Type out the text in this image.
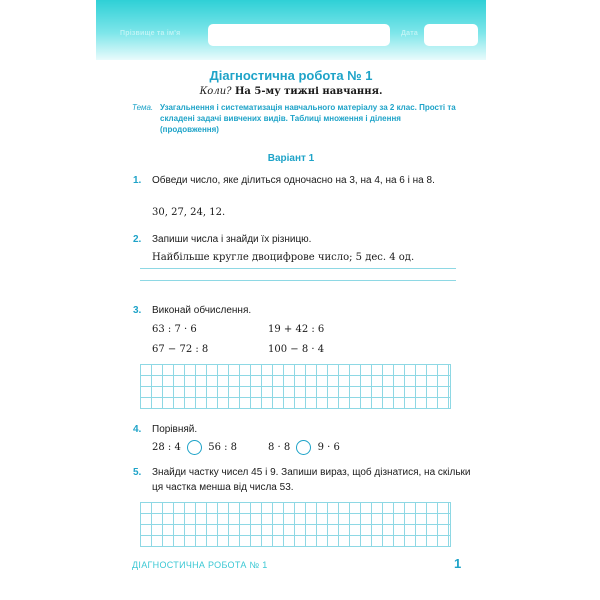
Прізвище та ім'я	Дата
Діагностична робота № 1
Коли? На 5-му тижні навчання.
Тема. Узагальнення і систематизація навчального матеріалу за 2 клас. Прості та складені задачі вивчених видів. Таблиці множення і ділення (продовження)
Варіант 1
1. Обведи число, яке ділиться одночасно на 3, на 4, на 6 і на 8.
30, 27, 24, 12.
2. Запиши числа і знайди їх різницю.
Найбільше кругле двоцифрове число; 5 дес. 4 од.
3. Виконай обчислення.
63 : 7 · 6	19 + 42 : 6
67 − 72 : 8	100 − 8 · 4
4. Порівняй.
28 : 4	56 : 8	8 · 8	9 · 6
5. Знайди частку чисел 45 і 9. Запиши вираз, щоб дізнатися, на скільки ця частка менша від числа 53.
ДІАГНОСТИЧНА РОБОТА № 1	1
